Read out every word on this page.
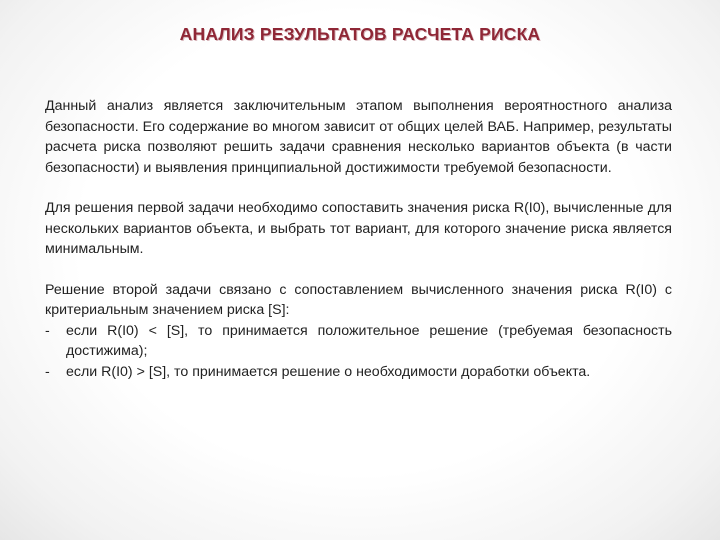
АНАЛИЗ РЕЗУЛЬТАТОВ РАСЧЕТА РИСКА

Данный анализ является заключительным этапом выполнения вероятностного анализа безопасности. Его содержание во многом зависит от общих целей ВАБ. Например, результаты расчета риска позволяют решить задачи сравнения несколько вариантов объекта (в части безопасности) и выявления принципиальной достижимости требуемой безопасности.

Для решения первой задачи необходимо сопоставить значения риска R(I0), вычисленные для нескольких вариантов объекта, и выбрать тот вариант, для которого значение риска является минимальным.

Решение второй задачи связано с сопоставлением вычисленного значения риска R(I0) с критериальным значением риска [S]:
- если R(I0) < [S], то принимается положительное решение (требуемая безопасность достижима);
- если R(I0) > [S], то принимается решение о необходимости доработки объекта.
